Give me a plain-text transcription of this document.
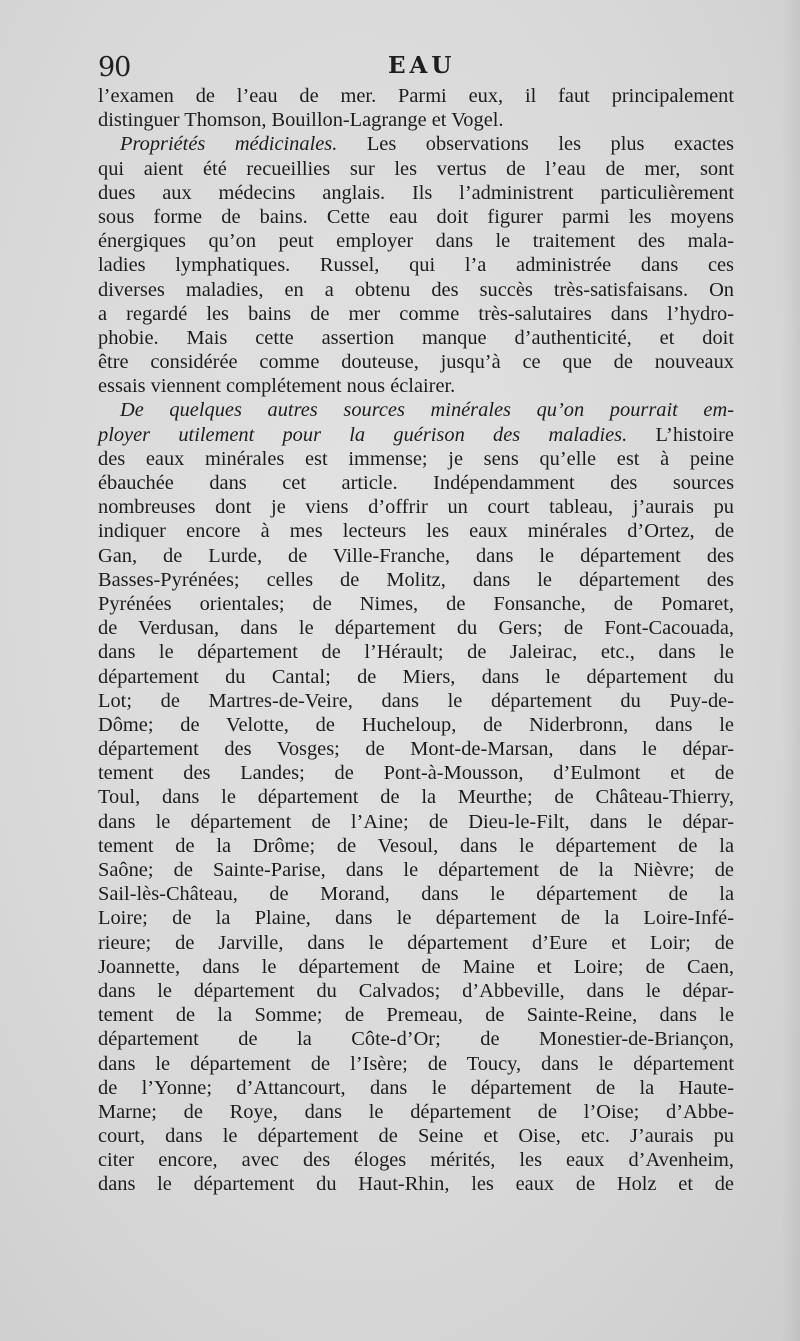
90	EAU
l’examen de l’eau de mer. Parmi eux, il faut principalement
distinguer Thomson, Bouillon-Lagrange et Vogel.
Propriétés médicinales. Les observations les plus exactes
qui aient été recueillies sur les vertus de l’eau de mer, sont
dues aux médecins anglais. Ils l’administrent particulièrement
sous forme de bains. Cette eau doit figurer parmi les moyens
énergiques qu’on peut employer dans le traitement des mala-
ladies lymphatiques. Russel, qui l’a administrée dans ces
diverses maladies, en a obtenu des succès très-satisfaisans. On
a regardé les bains de mer comme très-salutaires dans l’hydro-
phobie. Mais cette assertion manque d’authenticité, et doit
être considérée comme douteuse, jusqu’à ce que de nouveaux
essais viennent complétement nous éclairer.
De quelques autres sources minérales qu’on pourrait em-
ployer utilement pour la guérison des maladies. L’histoire
des eaux minérales est immense; je sens qu’elle est à peine
ébauchée dans cet article. Indépendamment des sources
nombreuses dont je viens d’offrir un court tableau, j’aurais pu
indiquer encore à mes lecteurs les eaux minérales d’Ortez, de
Gan, de Lurde, de Ville-Franche, dans le département des
Basses-Pyrénées; celles de Molitz, dans le département des
Pyrénées orientales; de Nimes, de Fonsanche, de Pomaret,
de Verdusan, dans le département du Gers; de Font-Cacouada,
dans le département de l’Hérault; de Jaleirac, etc., dans le
département du Cantal; de Miers, dans le département du
Lot; de Martres-de-Veire, dans le département du Puy-de-
Dôme; de Velotte, de Hucheloup, de Niderbronn, dans le
département des Vosges; de Mont-de-Marsan, dans le dépar-
tement des Landes; de Pont-à-Mousson, d’Eulmont et de
Toul, dans le département de la Meurthe; de Château-Thierry,
dans le département de l’Aine; de Dieu-le-Filt, dans le dépar-
tement de la Drôme; de Vesoul, dans le département de la
Saône; de Sainte-Parise, dans le département de la Nièvre; de
Sail-lès-Château, de Morand, dans le département de la
Loire; de la Plaine, dans le département de la Loire-Infé-
rieure; de Jarville, dans le département d’Eure et Loir; de
Joannette, dans le département de Maine et Loire; de Caen,
dans le département du Calvados; d’Abbeville, dans le dépar-
tement de la Somme; de Premeau, de Sainte-Reine, dans le
département de la Côte-d’Or; de Monestier-de-Briançon,
dans le département de l’Isère; de Toucy, dans le département
de l’Yonne; d’Attancourt, dans le département de la Haute-
Marne; de Roye, dans le département de l’Oise; d’Abbe-
court, dans le département de Seine et Oise, etc. J’aurais pu
citer encore, avec des éloges mérités, les eaux d’Avenheim,
dans le département du Haut-Rhin, les eaux de Holz et de
